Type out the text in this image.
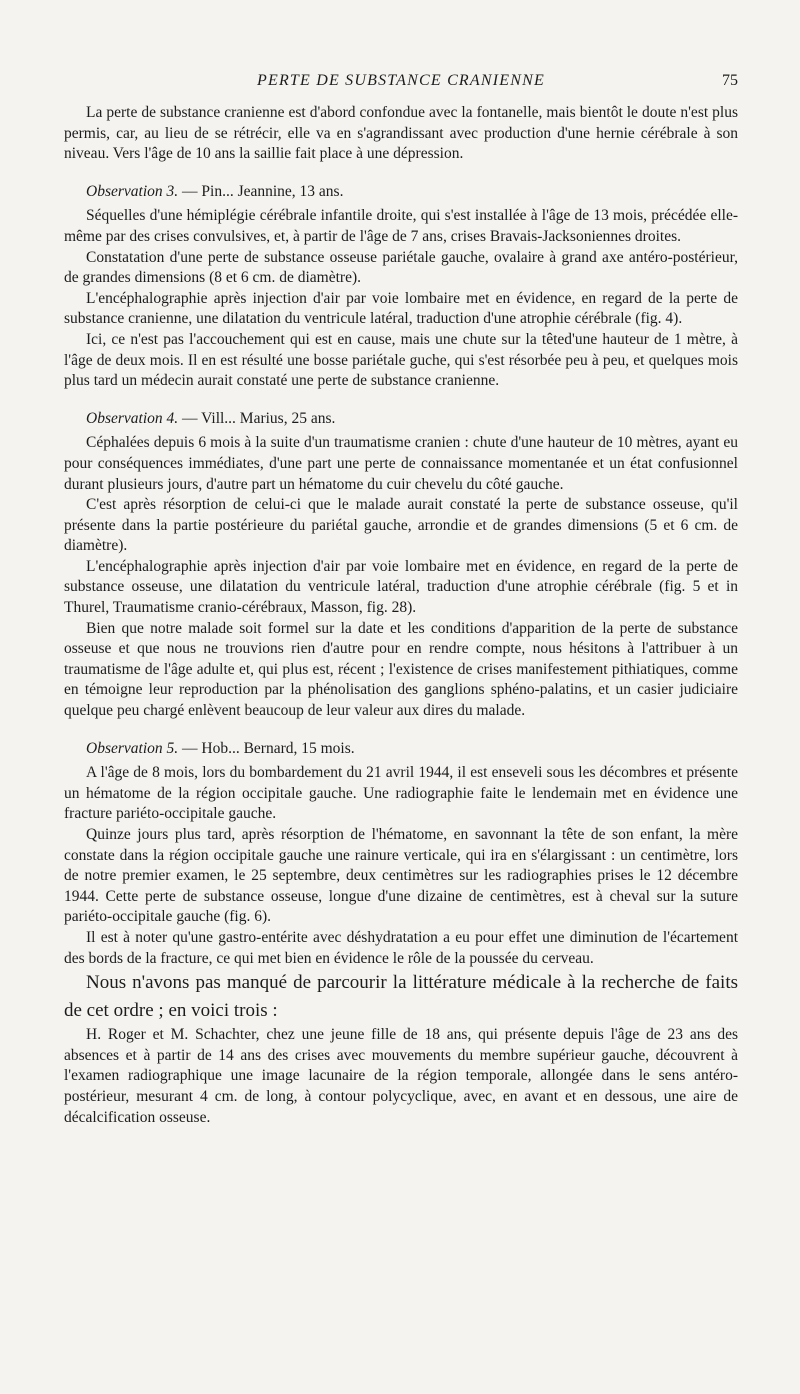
PERTE DE SUBSTANCE CRANIENNE	75

La perte de substance cranienne est d'abord confondue avec la fontanelle, mais bientôt le doute n'est plus permis, car, au lieu de se rétrécir, elle va en s'agrandissant avec production d'une hernie cérébrale à son niveau. Vers l'âge de 10 ans la saillie fait place à une dépression.

Observation 3. — Pin... Jeannine, 13 ans.

Séquelles d'une hémiplégie cérébrale infantile droite, qui s'est installée à l'âge de 13 mois, précédée elle-même par des crises convulsives, et, à partir de l'âge de 7 ans, crises Bravais-Jacksoniennes droites.

Constatation d'une perte de substance osseuse pariétale gauche, ovalaire à grand axe antéro-postérieur, de grandes dimensions (8 et 6 cm. de diamètre).

L'encéphalographie après injection d'air par voie lombaire met en évidence, en regard de la perte de substance cranienne, une dilatation du ventricule latéral, traduction d'une atrophie cérébrale (fig. 4).

Ici, ce n'est pas l'accouchement qui est en cause, mais une chute sur la têted'une hauteur de 1 mètre, à l'âge de deux mois. Il en est résulté une bosse pariétale guche, qui s'est résorbée peu à peu, et quelques mois plus tard un médecin aurait constaté une perte de substance cranienne.

Observation 4. — Vill... Marius, 25 ans.

Céphalées depuis 6 mois à la suite d'un traumatisme cranien : chute d'une hauteur de 10 mètres, ayant eu pour conséquences immédiates, d'une part une perte de connaissance momentanée et un état confusionnel durant plusieurs jours, d'autre part un hématome du cuir chevelu du côté gauche.

C'est après résorption de celui-ci que le malade aurait constaté la perte de substance osseuse, qu'il présente dans la partie postérieure du pariétal gauche, arrondie et de grandes dimensions (5 et 6 cm. de diamètre).

L'encéphalographie après injection d'air par voie lombaire met en évidence, en regard de la perte de substance osseuse, une dilatation du ventricule latéral, traduction d'une atrophie cérébrale (fig. 5 et in Thurel, Traumatisme cranio-cérébraux, Masson, fig. 28).

Bien que notre malade soit formel sur la date et les conditions d'apparition de la perte de substance osseuse et que nous ne trouvions rien d'autre pour en rendre compte, nous hésitons à l'attribuer à un traumatisme de l'âge adulte et, qui plus est, récent ; l'existence de crises manifestement pithiatiques, comme en témoigne leur reproduction par la phénolisation des ganglions sphéno-palatins, et un casier judiciaire quelque peu chargé enlèvent beaucoup de leur valeur aux dires du malade.

Observation 5. — Hob... Bernard, 15 mois.

A l'âge de 8 mois, lors du bombardement du 21 avril 1944, il est enseveli sous les décombres et présente un hématome de la région occipitale gauche. Une radiographie faite le lendemain met en évidence une fracture pariéto-occipitale gauche.

Quinze jours plus tard, après résorption de l'hématome, en savonnant la tête de son enfant, la mère constate dans la région occipitale gauche une rainure verticale, qui ira en s'élargissant : un centimètre, lors de notre premier examen, le 25 septembre, deux centimètres sur les radiographies prises le 12 décembre 1944. Cette perte de substance osseuse, longue d'une dizaine de centimètres, est à cheval sur la suture pariéto-occipitale gauche (fig. 6).

Il est à noter qu'une gastro-entérite avec déshydratation a eu pour effet une diminution de l'écartement des bords de la fracture, ce qui met bien en évidence le rôle de la poussée du cerveau.

Nous n'avons pas manqué de parcourir la littérature médicale à la recherche de faits de cet ordre ; en voici trois :

H. Roger et M. Schachter, chez une jeune fille de 18 ans, qui présente depuis l'âge de 23 ans des absences et à partir de 14 ans des crises avec mouvements du membre supérieur gauche, découvrent à l'examen radiographique une image lacunaire de la région temporale, allongée dans le sens antéro-postérieur, mesurant 4 cm. de long, à contour polycyclique, avec, en avant et en dessous, une aire de décalcification osseuse.
